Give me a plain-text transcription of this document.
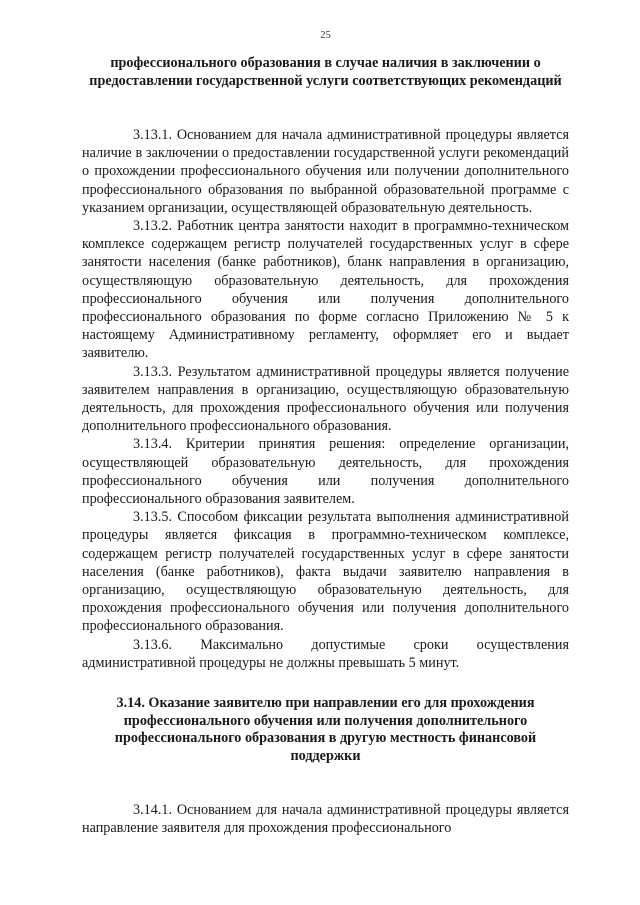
25

профессионального образования в случае наличия в заключении о предоставлении государственной услуги соответствующих рекомендаций

3.13.1. Основанием для начала административной процедуры является наличие в заключении о предоставлении государственной услуги рекомендаций о прохождении профессионального обучения или получении дополнительного профессионального образования по выбранной образовательной программе с указанием организации, осуществляющей образовательную деятельность.

3.13.2. Работник центра занятости находит в программно-техническом комплексе содержащем регистр получателей государственных услуг в сфере занятости населения (банке работников), бланк направления в организацию, осуществляющую образовательную деятельность, для прохождения профессионального обучения или получения дополнительного профессионального образования по форме согласно Приложению № 5 к настоящему Административному регламенту, оформляет его и выдает заявителю.

3.13.3. Результатом административной процедуры является получение заявителем направления в организацию, осуществляющую образовательную деятельность, для прохождения профессионального обучения или получения дополнительного профессионального образования.

3.13.4. Критерии принятия решения: определение организации, осуществляющей образовательную деятельность, для прохождения профессионального обучения или получения дополнительного профессионального образования заявителем.

3.13.5. Способом фиксации результата выполнения административной процедуры является фиксация в программно-техническом комплексе, содержащем регистр получателей государственных услуг в сфере занятости населения (банке работников), факта выдачи заявителю направления в организацию, осуществляющую образовательную деятельность, для прохождения профессионального обучения или получения дополнительного профессионального образования.

3.13.6. Максимально допустимые сроки осуществления административной процедуры не должны превышать 5 минут.

3.14. Оказание заявителю при направлении его для прохождения профессионального обучения или получения дополнительного профессионального образования в другую местность финансовой поддержки

3.14.1. Основанием для начала административной процедуры является направление заявителя для прохождения профессионального
